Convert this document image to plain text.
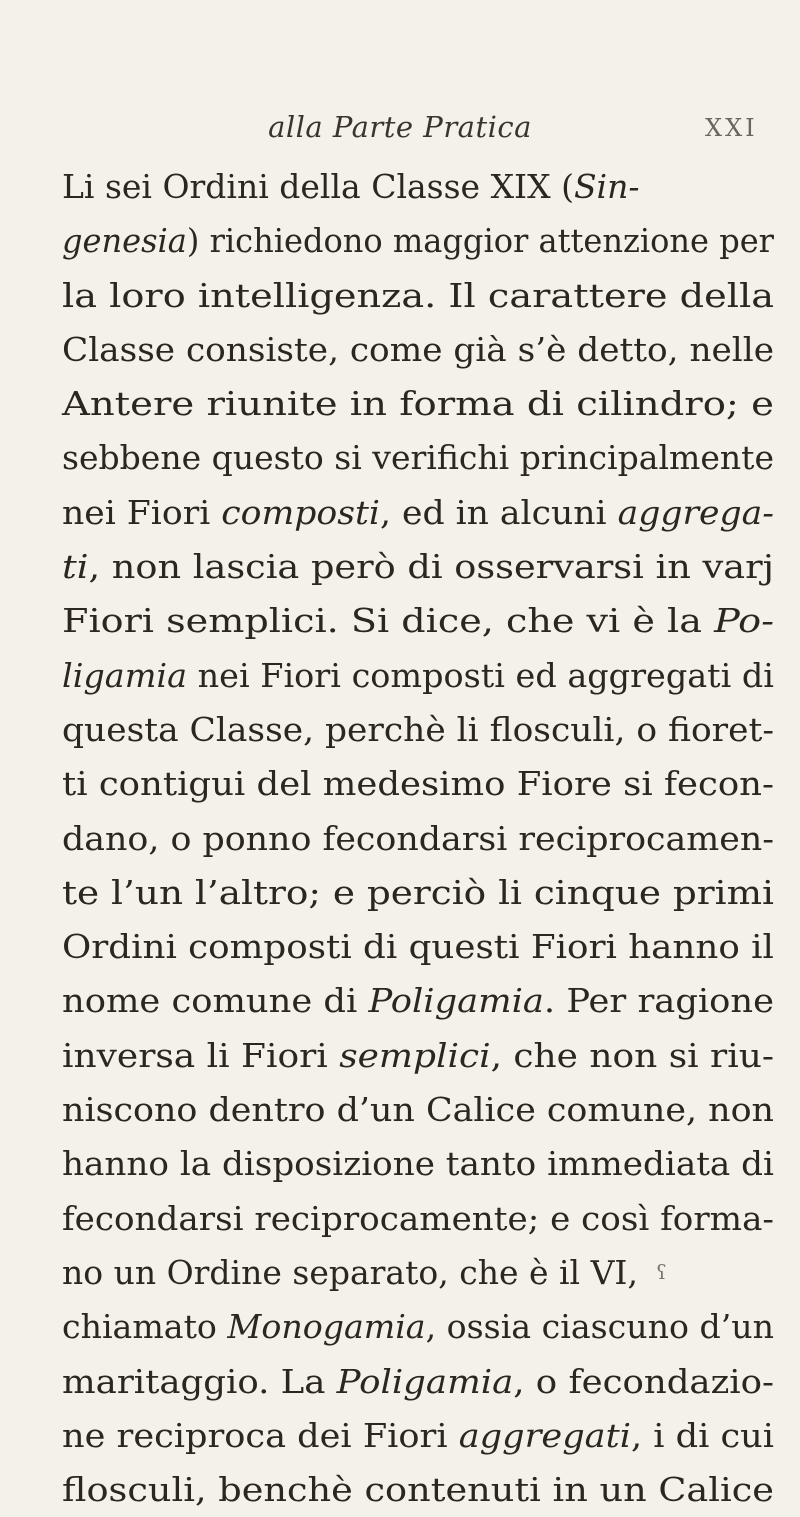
alla Parte Pratica	XXI
Li sei Ordini della Classe XIX (Sin-
genesia) richiedono maggior attenzione per
la loro intelligenza. Il carattere della
Classe consiste, come già s’è detto, nelle
Antere riunite in forma di cilindro; e
sebbene questo si verifichi principalmente
nei Fiori composti, ed in alcuni aggrega-
ti, non lascia però di osservarsi in varj
Fiori semplici. Si dice, che vi è la Po-
ligamia nei Fiori composti ed aggregati di
questa Classe, perchè li flosculi, o fioret-
ti contigui del medesimo Fiore si fecon-
dano, o ponno fecondarsi reciprocamen-
te l’un l’altro; e perciò li cinque primi
Ordini composti di questi Fiori hanno il
nome comune di Poligamia. Per ragione
inversa li Fiori semplici, che non si riu-
niscono dentro d’un Calice comune, non
hanno la disposizione tanto immediata di
fecondarsi reciprocamente; e così forma-
no un Ordine separato, che è il VI,
chiamato Monogamia, ossia ciascuno d’un
maritaggio. La Poligamia, o fecondazio-
ne reciproca dei Fiori aggregati, i di cui
flosculi, benchè contenuti in un Calice
ʕ
